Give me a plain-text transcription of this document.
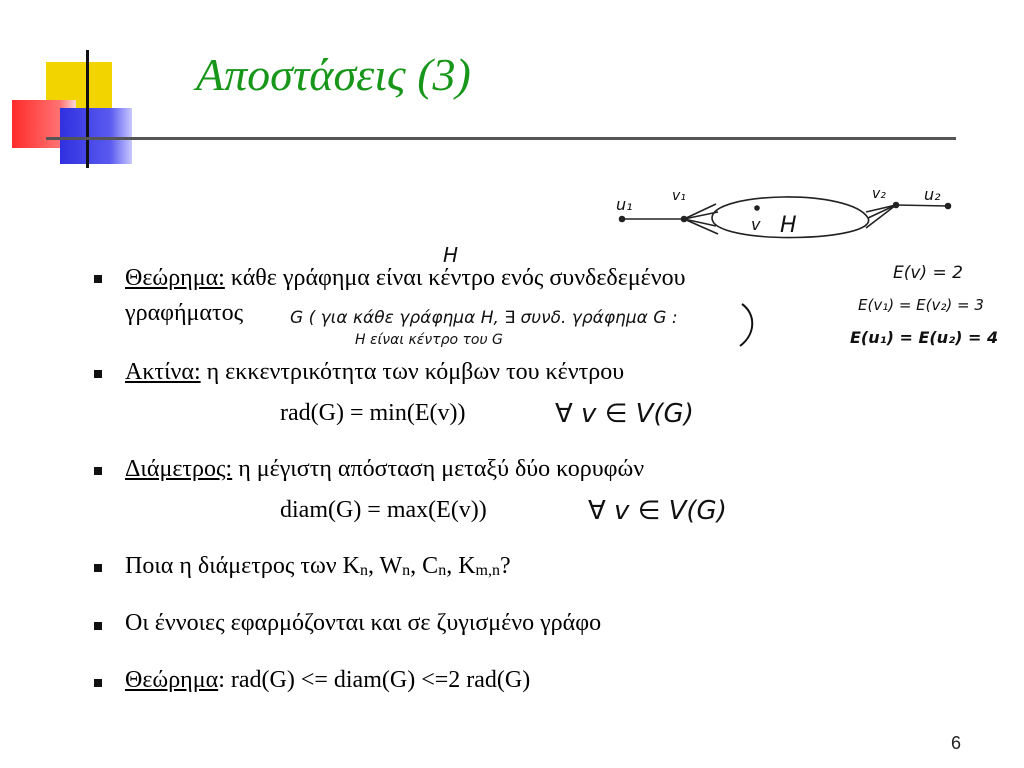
Αποστάσεις (3)
Θεώρημα: κάθε γράφημα είναι κέντρο ενός συνδεδεμένου
γραφήματος
Ακτίνα: η εκκεντρικότητα των κόμβων του κέντρου
rad(G) = min(E(v))
Διάμετρος: η μέγιστη απόσταση μεταξύ δύο κορυφών
diam(G) = max(E(v))
Ποια η διάμετρος των $K_n$, $W_n$, $C_n$, $K_{m,n}$?
Οι έννοιες εφαρμόζονται και σε ζυγισμένο γράφο
Θεώρημα: rad(G) <= diam(G) <=2 rad(G)
6
u₁	v₁
v H
v₂ u₂
H
G ( για κάθε γράφημα H, ∃ συνδ. γράφημα G :
H είναι κέντρο του G
E(v) = 2
E(v₁) = E(v₂) = 3
E(u₁) = E(u₂) = 4
∀ v ∈ V(G)
∀ v ∈ V(G)
